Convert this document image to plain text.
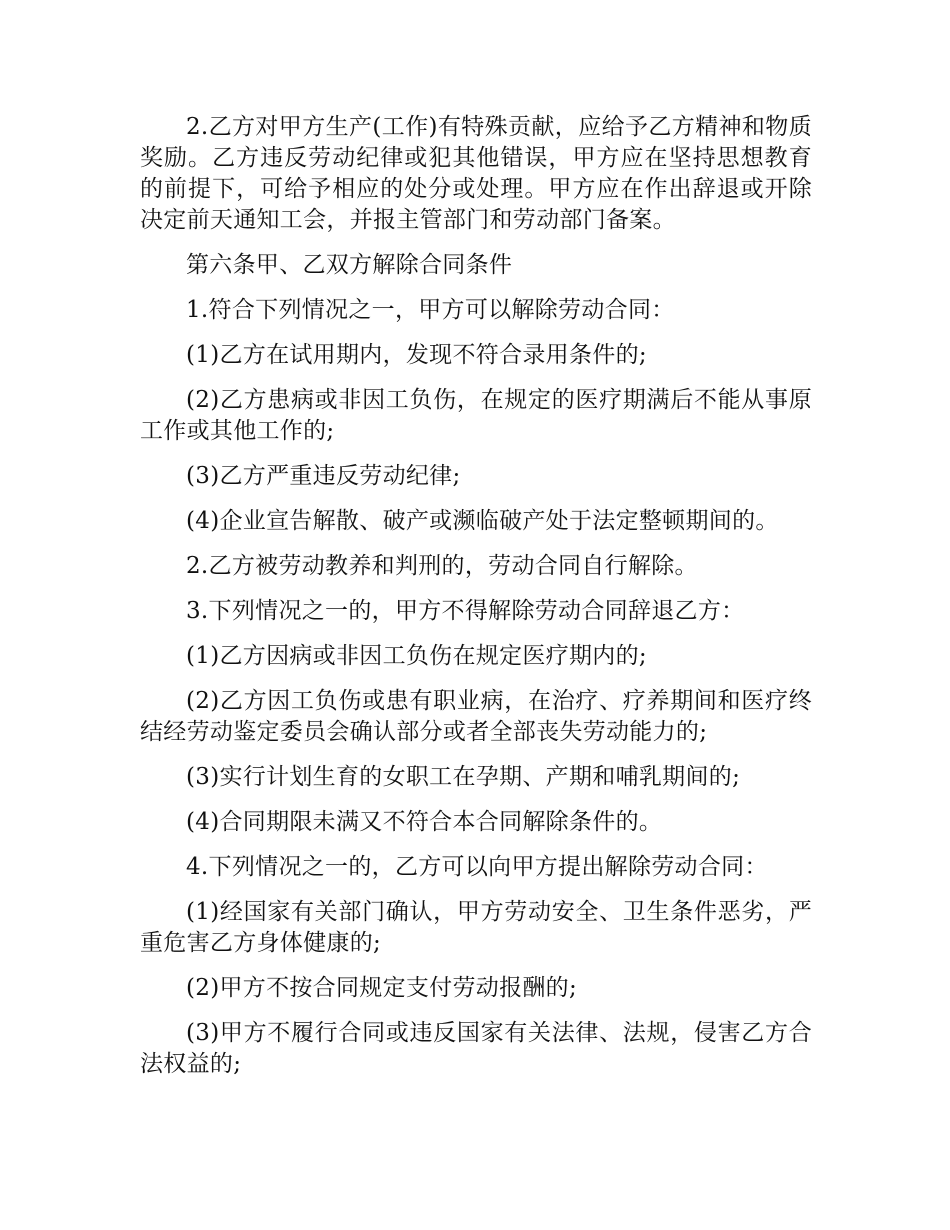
2.乙方对甲方生产(工作)有特殊贡献，应给予乙方精神和物质奖励。乙方违反劳动纪律或犯其他错误，甲方应在坚持思想教育的前提下，可给予相应的处分或处理。甲方应在作出辞退或开除决定前天通知工会，并报主管部门和劳动部门备案。

第六条甲、乙双方解除合同条件

1.符合下列情况之一，甲方可以解除劳动合同：

(1)乙方在试用期内，发现不符合录用条件的;

(2)乙方患病或非因工负伤，在规定的医疗期满后不能从事原工作或其他工作的;

(3)乙方严重违反劳动纪律;

(4)企业宣告解散、破产或濒临破产处于法定整顿期间的。

2.乙方被劳动教养和判刑的，劳动合同自行解除。

3.下列情况之一的，甲方不得解除劳动合同辞退乙方：

(1)乙方因病或非因工负伤在规定医疗期内的;

(2)乙方因工负伤或患有职业病，在治疗、疗养期间和医疗终结经劳动鉴定委员会确认部分或者全部丧失劳动能力的;

(3)实行计划生育的女职工在孕期、产期和哺乳期间的;

(4)合同期限未满又不符合本合同解除条件的。

4.下列情况之一的，乙方可以向甲方提出解除劳动合同：

(1)经国家有关部门确认，甲方劳动安全、卫生条件恶劣，严重危害乙方身体健康的;

(2)甲方不按合同规定支付劳动报酬的;

(3)甲方不履行合同或违反国家有关法律、法规，侵害乙方合法权益的;
